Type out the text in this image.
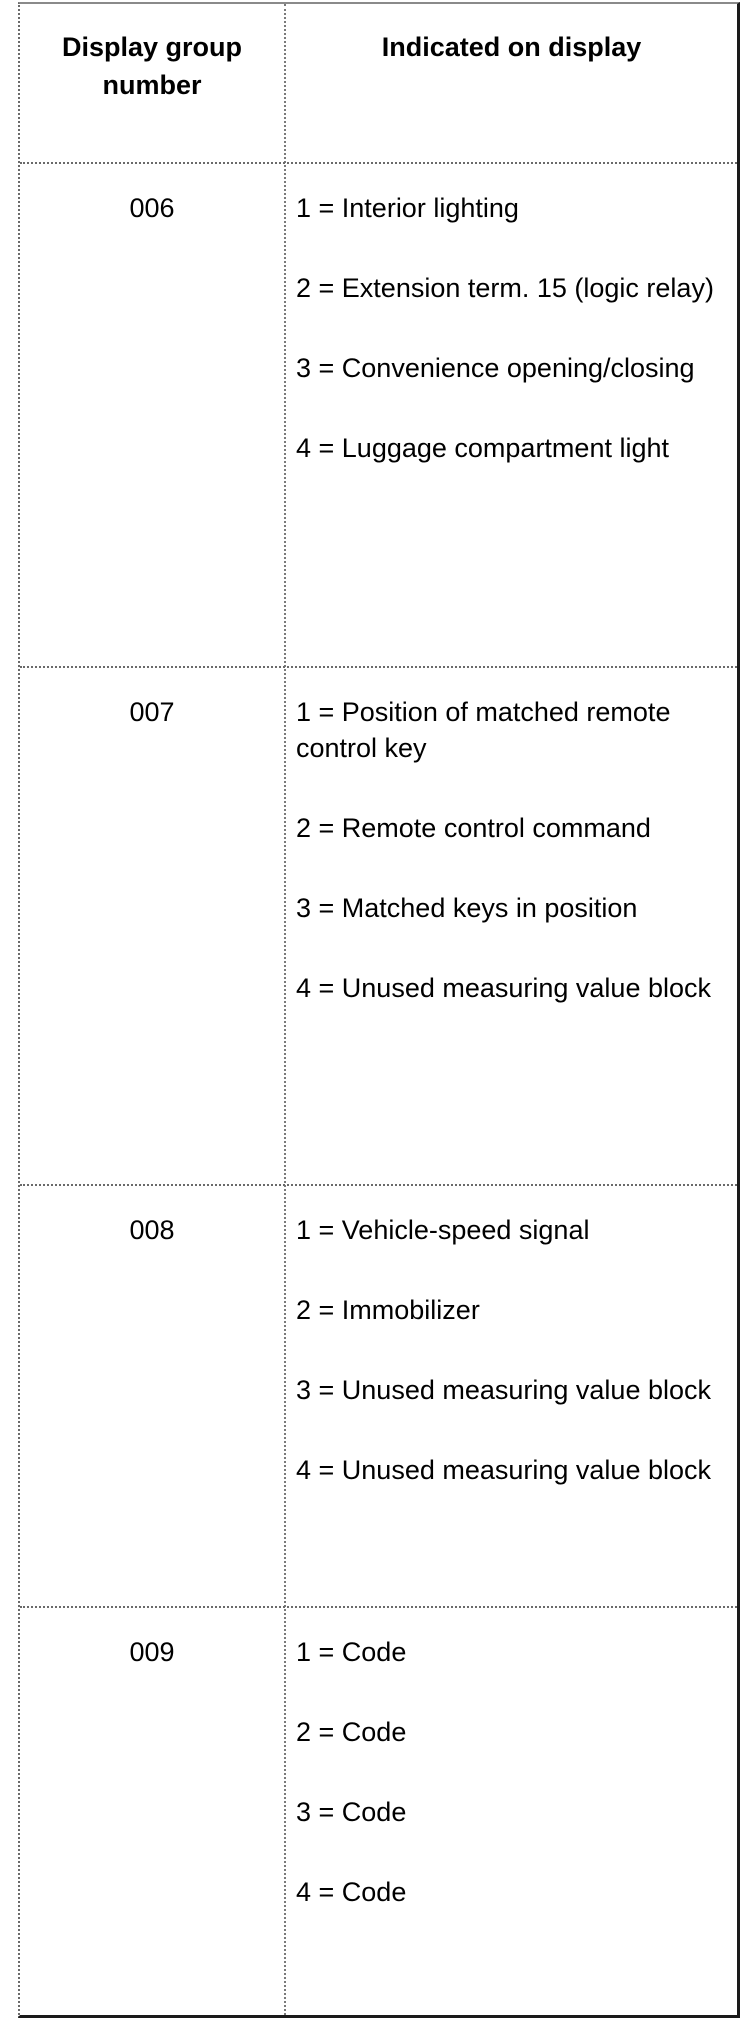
Display group number
Indicated on display
006	1 = Interior lighting

2 = Extension term. 15 (logic relay)

3 = Convenience opening/closing

4 = Luggage compartment light

007	1 = Position of matched remote control key

2 = Remote control command

3 = Matched keys in position

4 = Unused measuring value block

008	1 = Vehicle-speed signal

2 = Immobilizer

3 = Unused measuring value block

4 = Unused measuring value block

009	1 = Code

2 = Code

3 = Code

4 = Code
